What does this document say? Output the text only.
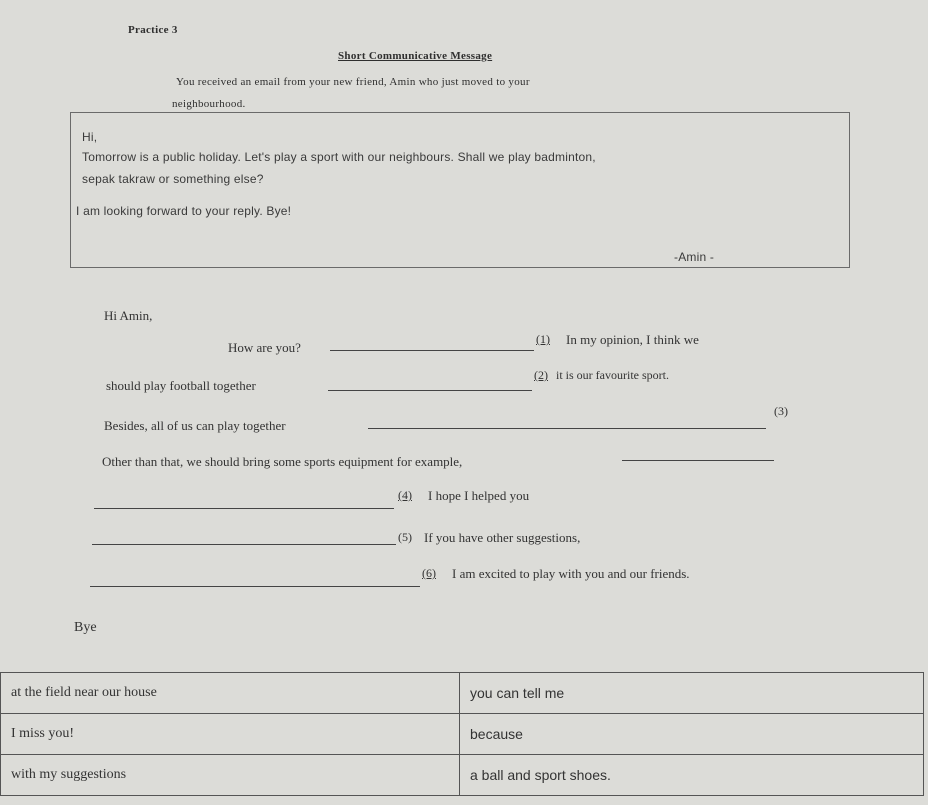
Practice 3
Short Communicative Message
You received an email from your new friend, Amin who just moved to your
neighbourhood.
Hi,
Tomorrow is a public holiday. Let's play a sport with our neighbours. Shall we play badminton,
sepak takraw or something else?
I am looking forward to your reply. Bye!
-Amin -
Hi Amin,
How are you?
(1) In my opinion, I think we
should play football together
(2) it is our favourite sport.
Besides, all of us can play together
(3)
Other than that, we should bring some sports equipment for example,
(4) I hope I helped you
(5) If you have other suggestions,
(6) I am excited to play with you and our friends.
Bye
at the field near our house	you can tell me
I miss you!	because
with my suggestions	a ball and sport shoes.
